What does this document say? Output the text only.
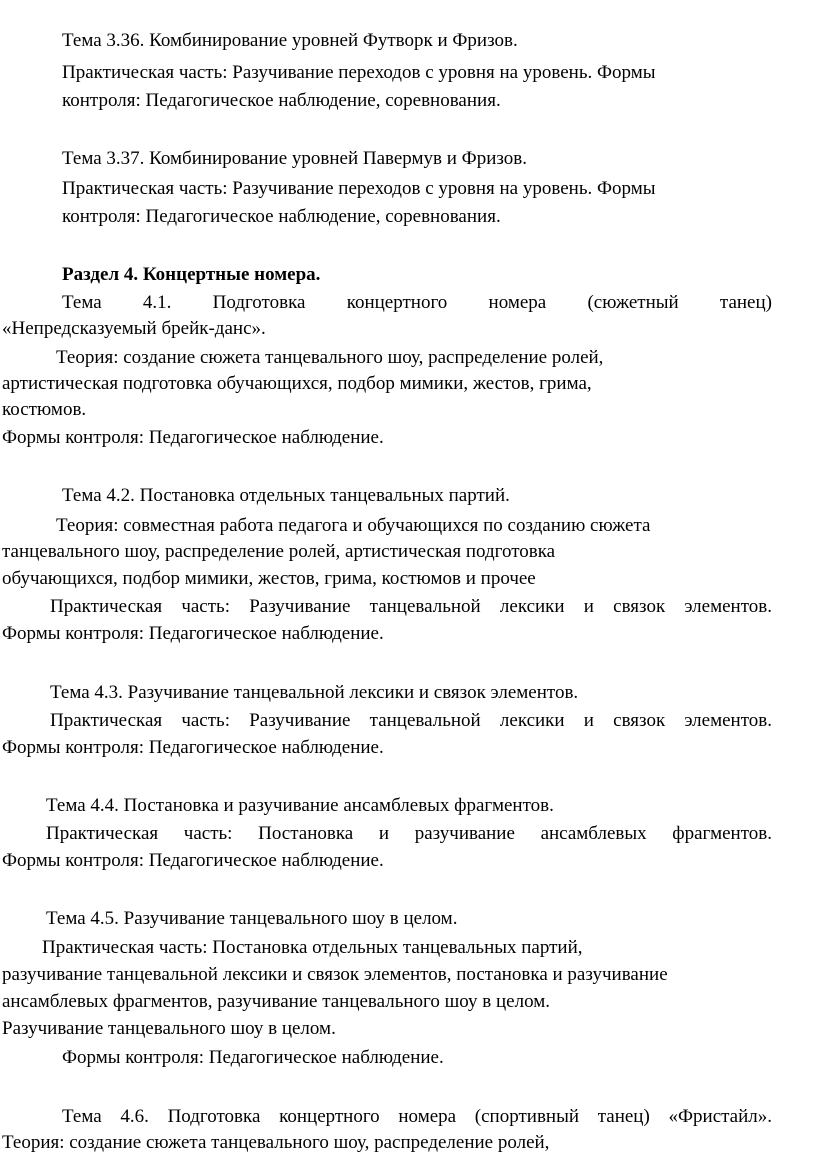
Тема 3.36. Комбинирование уровней Футворк и Фризов.
Практическая часть: Разучивание переходов с уровня на уровень. Формы
контроля: Педагогическое наблюдение, соревнования.
Тема 3.37. Комбинирование уровней Павермув и Фризов.
Практическая часть: Разучивание переходов с уровня на уровень. Формы
контроля: Педагогическое наблюдение, соревнования.
Раздел 4. Концертные номера.
Тема 4.1. Подготовка концертного номера (сюжетный танец)
«Непредсказуемый брейк-данс».
Теория: создание сюжета танцевального шоу, распределение ролей,
артистическая подготовка обучающихся, подбор мимики, жестов, грима,
костюмов.
Формы контроля: Педагогическое наблюдение.
Тема 4.2. Постановка отдельных танцевальных партий.
Теория: совместная работа педагога и обучающихся по созданию сюжета
танцевального шоу, распределение ролей, артистическая подготовка
обучающихся, подбор мимики, жестов, грима, костюмов и прочее
Практическая часть: Разучивание танцевальной лексики и связок элементов.
Формы контроля: Педагогическое наблюдение.
Тема 4.3. Разучивание танцевальной лексики и связок элементов.
Практическая часть: Разучивание танцевальной лексики и связок элементов.
Формы контроля: Педагогическое наблюдение.
Тема 4.4. Постановка и разучивание ансамблевых фрагментов.
Практическая часть: Постановка и разучивание ансамблевых фрагментов.
Формы контроля: Педагогическое наблюдение.
Тема 4.5. Разучивание танцевального шоу в целом.
Практическая часть: Постановка отдельных танцевальных партий,
разучивание танцевальной лексики и связок элементов, постановка и разучивание
ансамблевых фрагментов, разучивание танцевального шоу в целом.
Разучивание танцевального шоу в целом.
Формы контроля: Педагогическое наблюдение.
Тема 4.6. Подготовка концертного номера (спортивный танец) «Фристайл».
Теория: создание сюжета танцевального шоу, распределение ролей,
